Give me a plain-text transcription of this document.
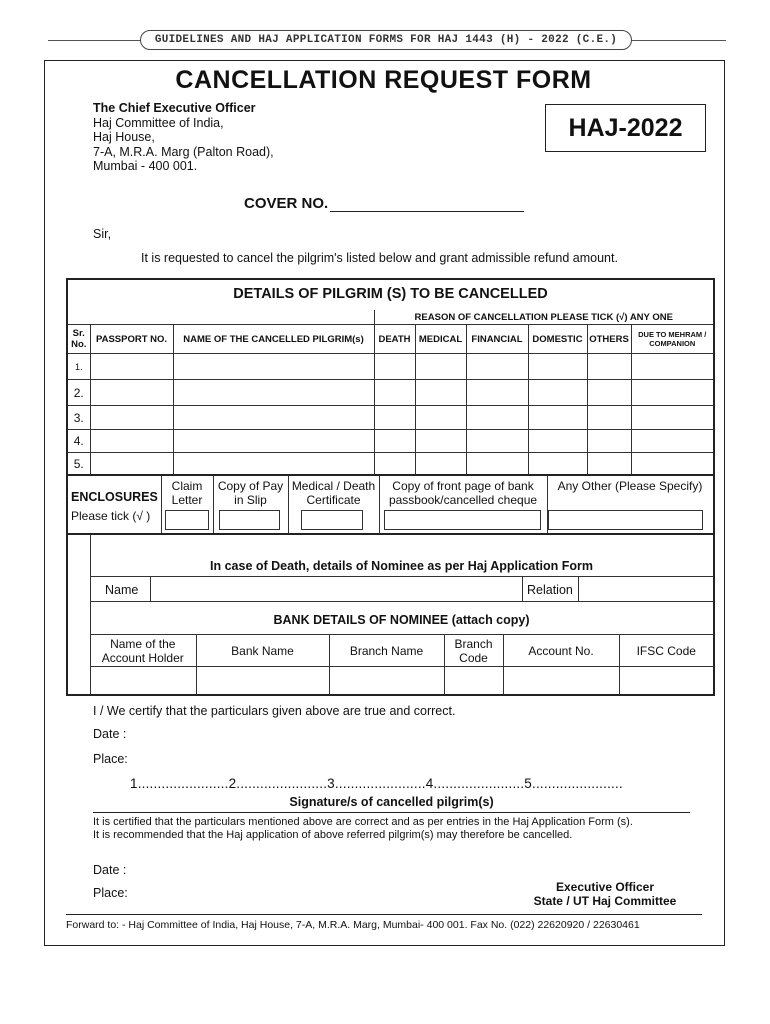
GUIDELINES AND HAJ APPLICATION FORMS FOR HAJ 1443 (H) - 2022 (C.E.)
CANCELLATION REQUEST FORM
The Chief Executive Officer
Haj Committee of India,
Haj House,
7-A, M.R.A. Marg (Palton Road),
Mumbai - 400 001.
HAJ-2022
COVER NO.
Sir,
It is requested to cancel the pilgrim's listed below and grant admissible refund amount.
DETAILS OF PILGRIM (S) TO BE CANCELLED
			REASON OF CANCELLATION PLEASE TICK (√) ANY ONE					
Sr. No.	PASSPORT NO.	NAME OF THE CANCELLED PILGRIM(s)	DEATH	MEDICAL	FINANCIAL	DOMESTIC	OTHERS	DUE TO MEHRAM / COMPANION
1.								
2.								
3.								
4.								
5.								
ENCLOSURES
Please tick (√ )
Claim Letter
Copy of Pay in Slip
Medical / Death Certificate
Copy of front page of bank passbook/cancelled cheque
Any Other (Please Specify)
In case of Death, details of Nominee as per Haj Application Form
Name	Relation
BANK DETAILS OF NOMINEE (attach copy)
Name of the Account Holder	Bank Name	Branch Name	Branch Code	Account No.	IFSC Code

I / We certify that the particulars given above are true and correct.
Date :
Place:
1.......................2.......................3.......................4.......................5.......................
Signature/s of cancelled pilgrim(s)
It is certified that the particulars mentioned above are correct and as per entries in the Haj Application Form (s).
It is recommended that the Haj application of above referred pilgrim(s) may therefore be cancelled.
Date :
Place:	Executive Officer
State / UT Haj Committee
Forward to: - Haj Committee of India, Haj House, 7-A, M.R.A. Marg, Mumbai- 400 001. Fax No. (022) 22620920 / 22630461
